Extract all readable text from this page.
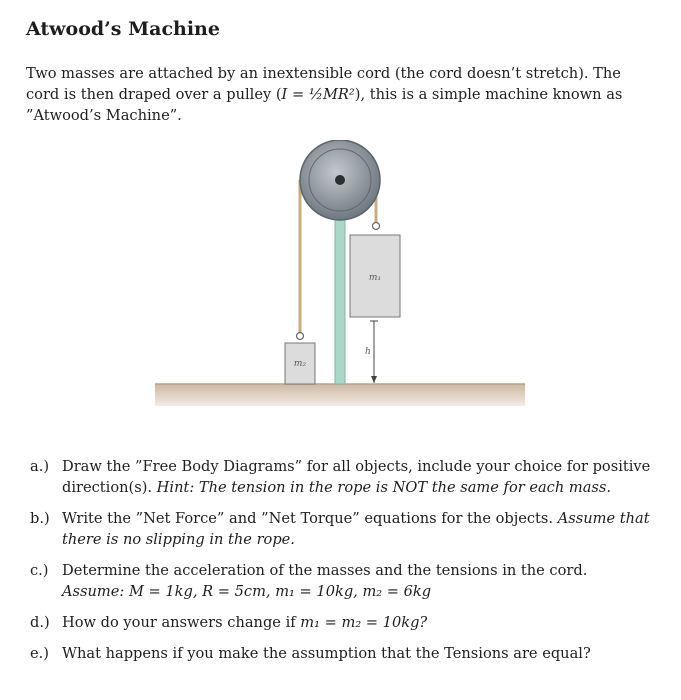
Atwood’s Machine
Two masses are attached by an inextensible cord (the cord doesn’t stretch). The cord is then draped over a pulley (I = ½MR²), this is a simple machine known as ”Atwood’s Machine”.
m₂
m₁
h
a.) Draw the ”Free Body Diagrams” for all objects, include your choice for positive direction(s). Hint: The tension in the rope is NOT the same for each mass.
b.) Write the ”Net Force” and ”Net Torque” equations for the objects. Assume that there is no slipping in the rope.
c.) Determine the acceleration of the masses and the tensions in the cord.
Assume: M = 1kg, R = 5cm, m₁ = 10kg, m₂ = 6kg
d.) How do your answers change if m₁ = m₂ = 10kg?
e.) What happens if you make the assumption that the Tensions are equal?
